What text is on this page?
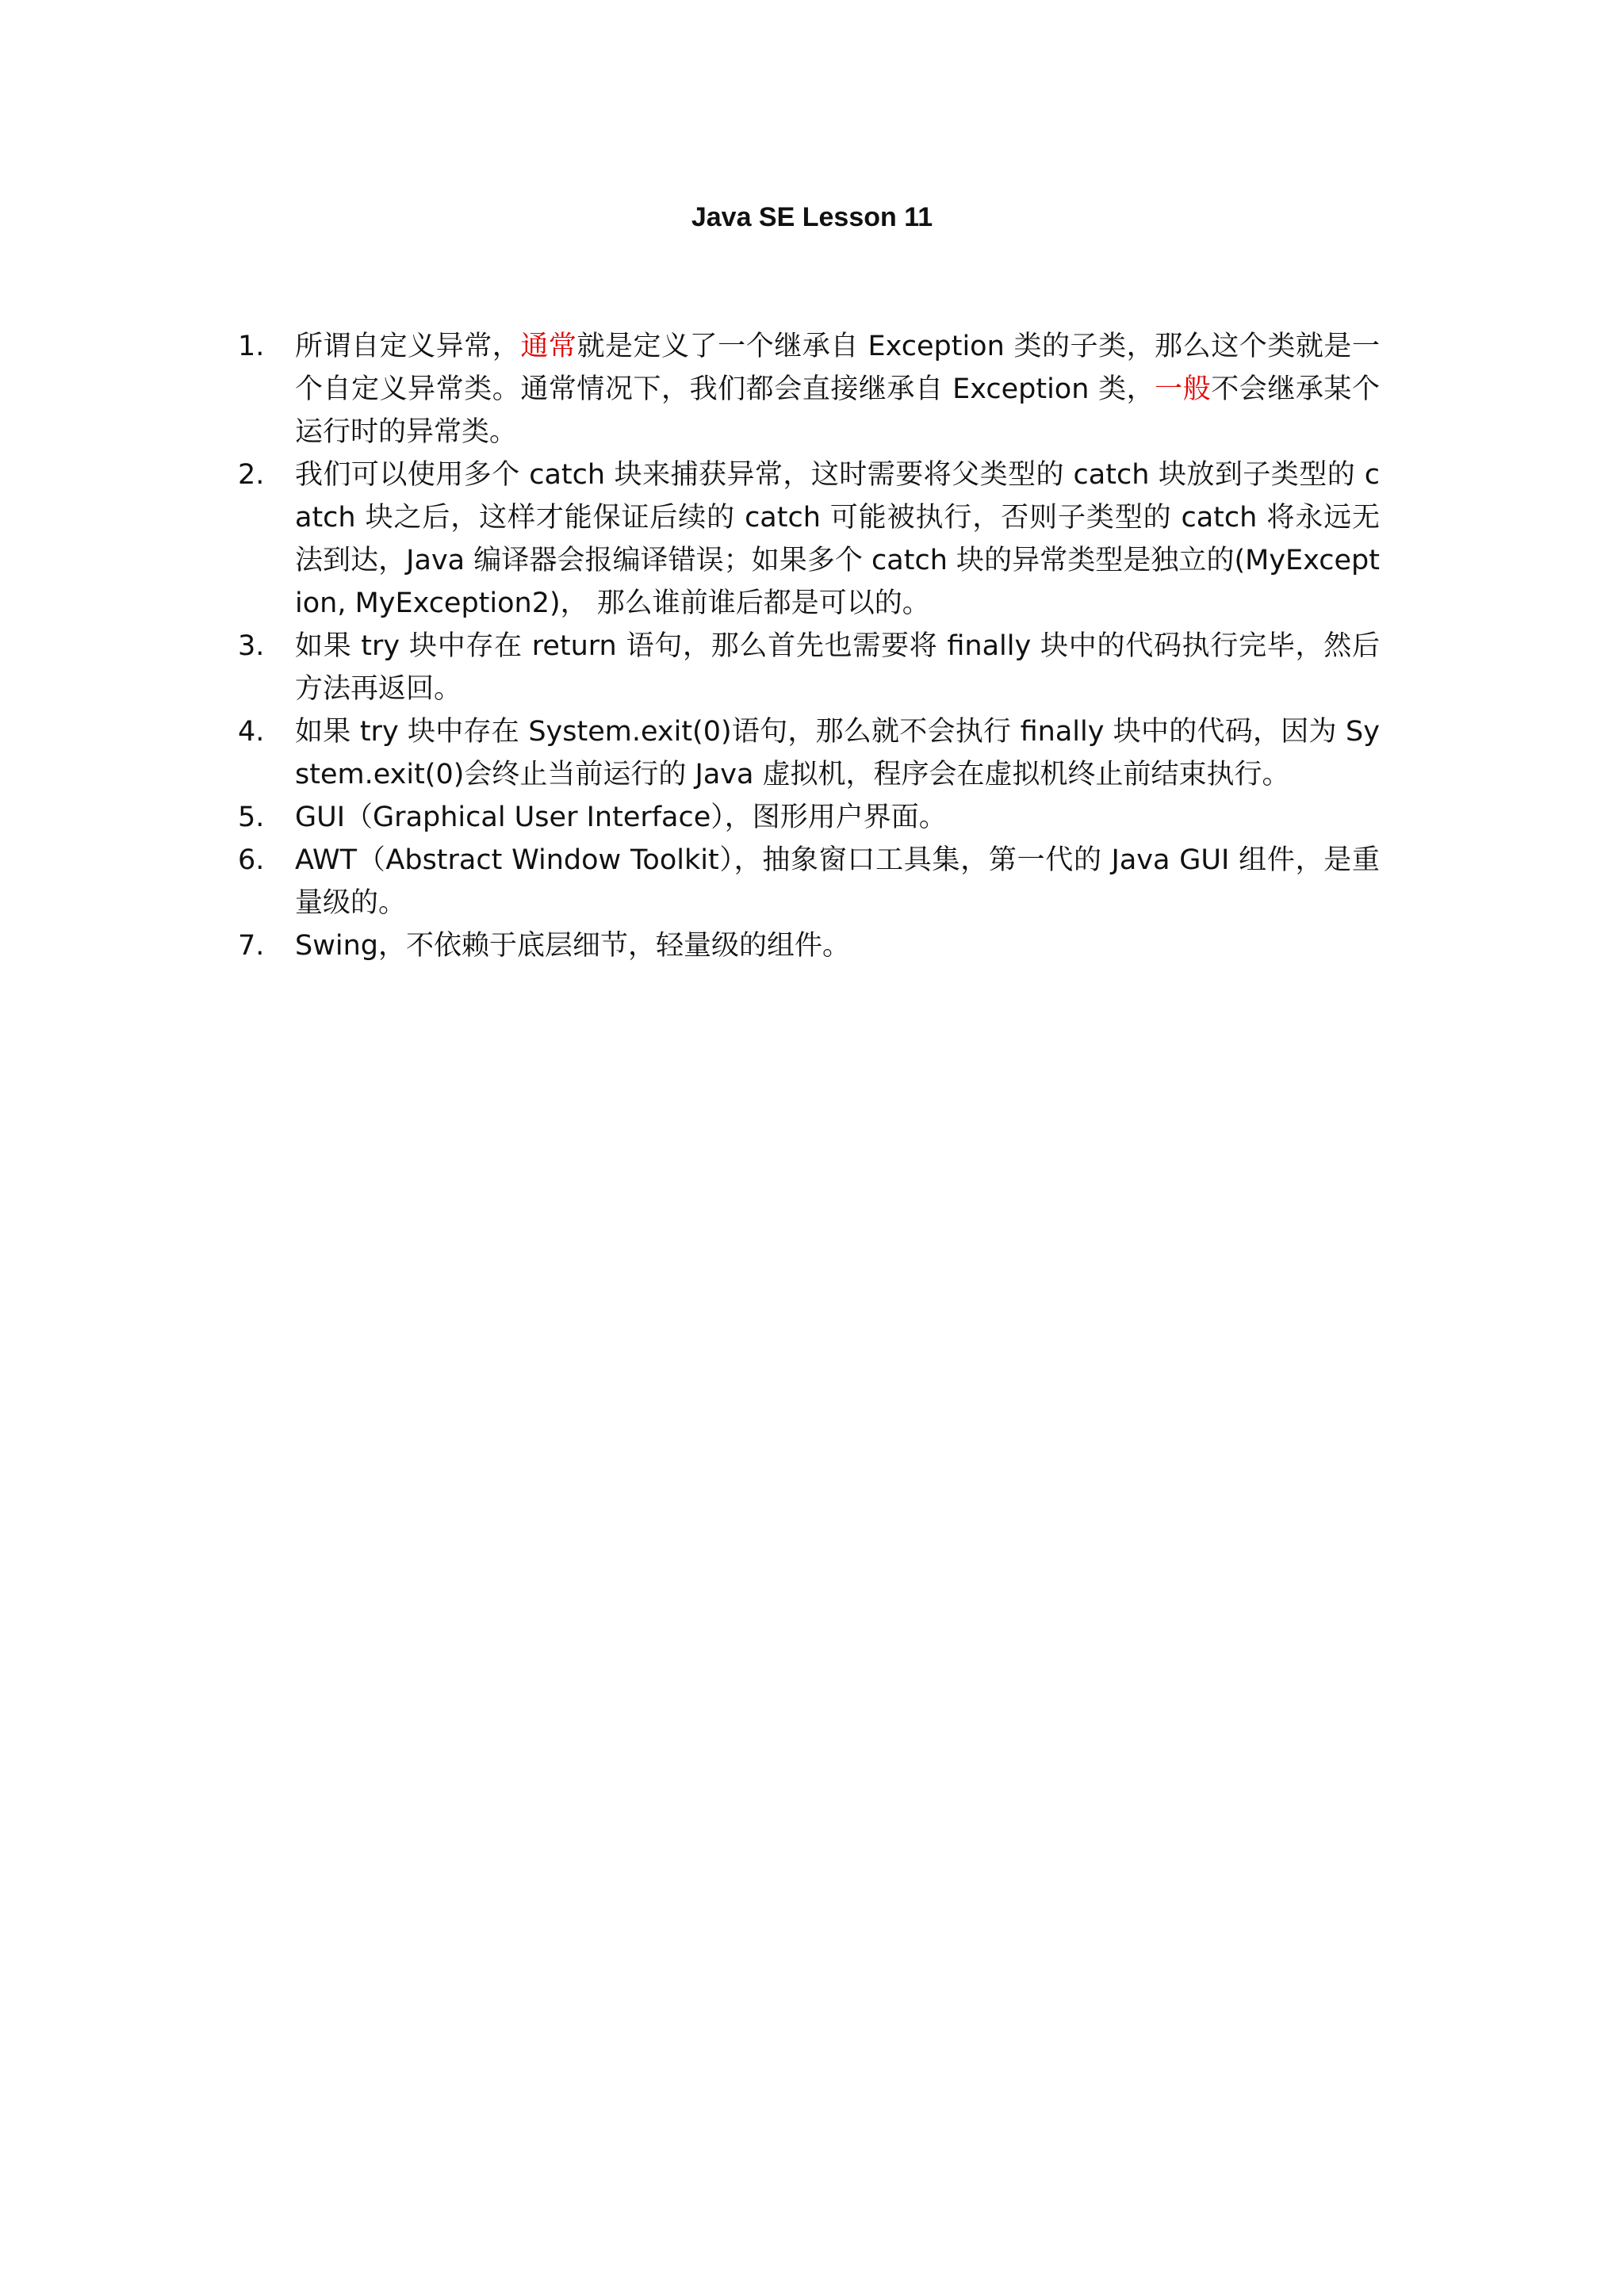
Java SE Lesson 11
1.	所谓自定义异常，通常就是定义了一个继承自 Exception 类的子类，那么这个类就是一个自定义异常类。通常情况下，我们都会直接继承自 Exception 类，一般不会继承某个运行时的异常类。
2.	我们可以使用多个 catch 块来捕获异常，这时需要将父类型的 catch 块放到子类型的 catch 块之后，这样才能保证后续的 catch 可能被执行，否则子类型的 catch 将永远无法到达，Java 编译器会报编译错误；如果多个 catch 块的异常类型是独立的(MyException, MyException2)， 那么谁前谁后都是可以的。
3.	如果 try 块中存在 return 语句，那么首先也需要将 finally 块中的代码执行完毕，然后方法再返回。
4.	如果 try 块中存在 System.exit(0)语句，那么就不会执行 finally 块中的代码，因为 System.exit(0)会终止当前运行的 Java 虚拟机，程序会在虚拟机终止前结束执行。
5.	GUI（Graphical User Interface），图形用户界面。
6.	AWT（Abstract Window Toolkit），抽象窗口工具集，第一代的 Java GUI 组件，是重量级的。
7.	Swing，不依赖于底层细节，轻量级的组件。
